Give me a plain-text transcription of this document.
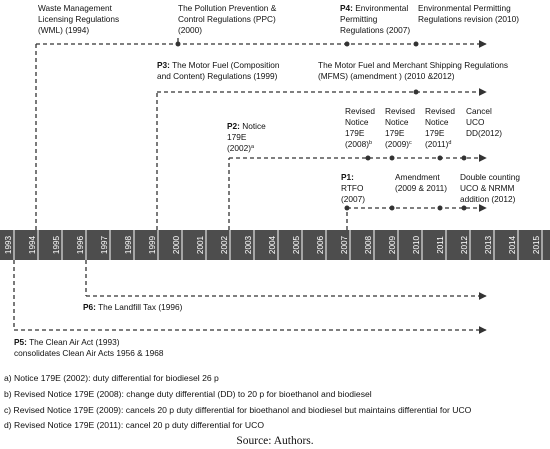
1993 1994 1995 1996 1997 1998 1999 2000 2001 2002 2003 2004 2005 2006 2007 2008 2009 2010 2011 2012 2013 2014 2015
Waste Management Licensing Regulations (WML) (1994)
The Pollution Prevention & Control Regulations (PPC) (2000)
P4: Environmental Permitting Regulations (2007)
Environmental Permitting Regulations revision (2010)
P3: The Motor Fuel (Composition and Content) Regulations (1999)
The Motor Fuel and Merchant Shipping Regulations (MFMS) (amendment ) (2010 &2012)
P2: Notice 179E $(2002)^a$
Revised Notice 179E $(2008)^b$
Revised Notice 179E $(2009)^c$
Revised Notice 179E $(2011)^d$
Cancel UCO DD(2012)
P1: RTFO (2007)
Amendment (2009 & 2011)
Double counting UCO & NRMM addition (2012)
P6: The Landfill Tax (1996)
P5: The Clean Air Act (1993) consolidates Clean Air Acts 1956 & 1968
a) Notice 179E (2002): duty differential for biodiesel 26 p
b) Revised Notice 179E (2008): change duty differential (DD) to 20 p for bioethanol and biodiesel
c) Revised Notice 179E (2009): cancels 20 p duty differential for bioethanol and biodiesel but maintains differential for UCO
d) Revised Notice 179E (2011): cancel 20 p duty differential for UCO
Source: Authors.
